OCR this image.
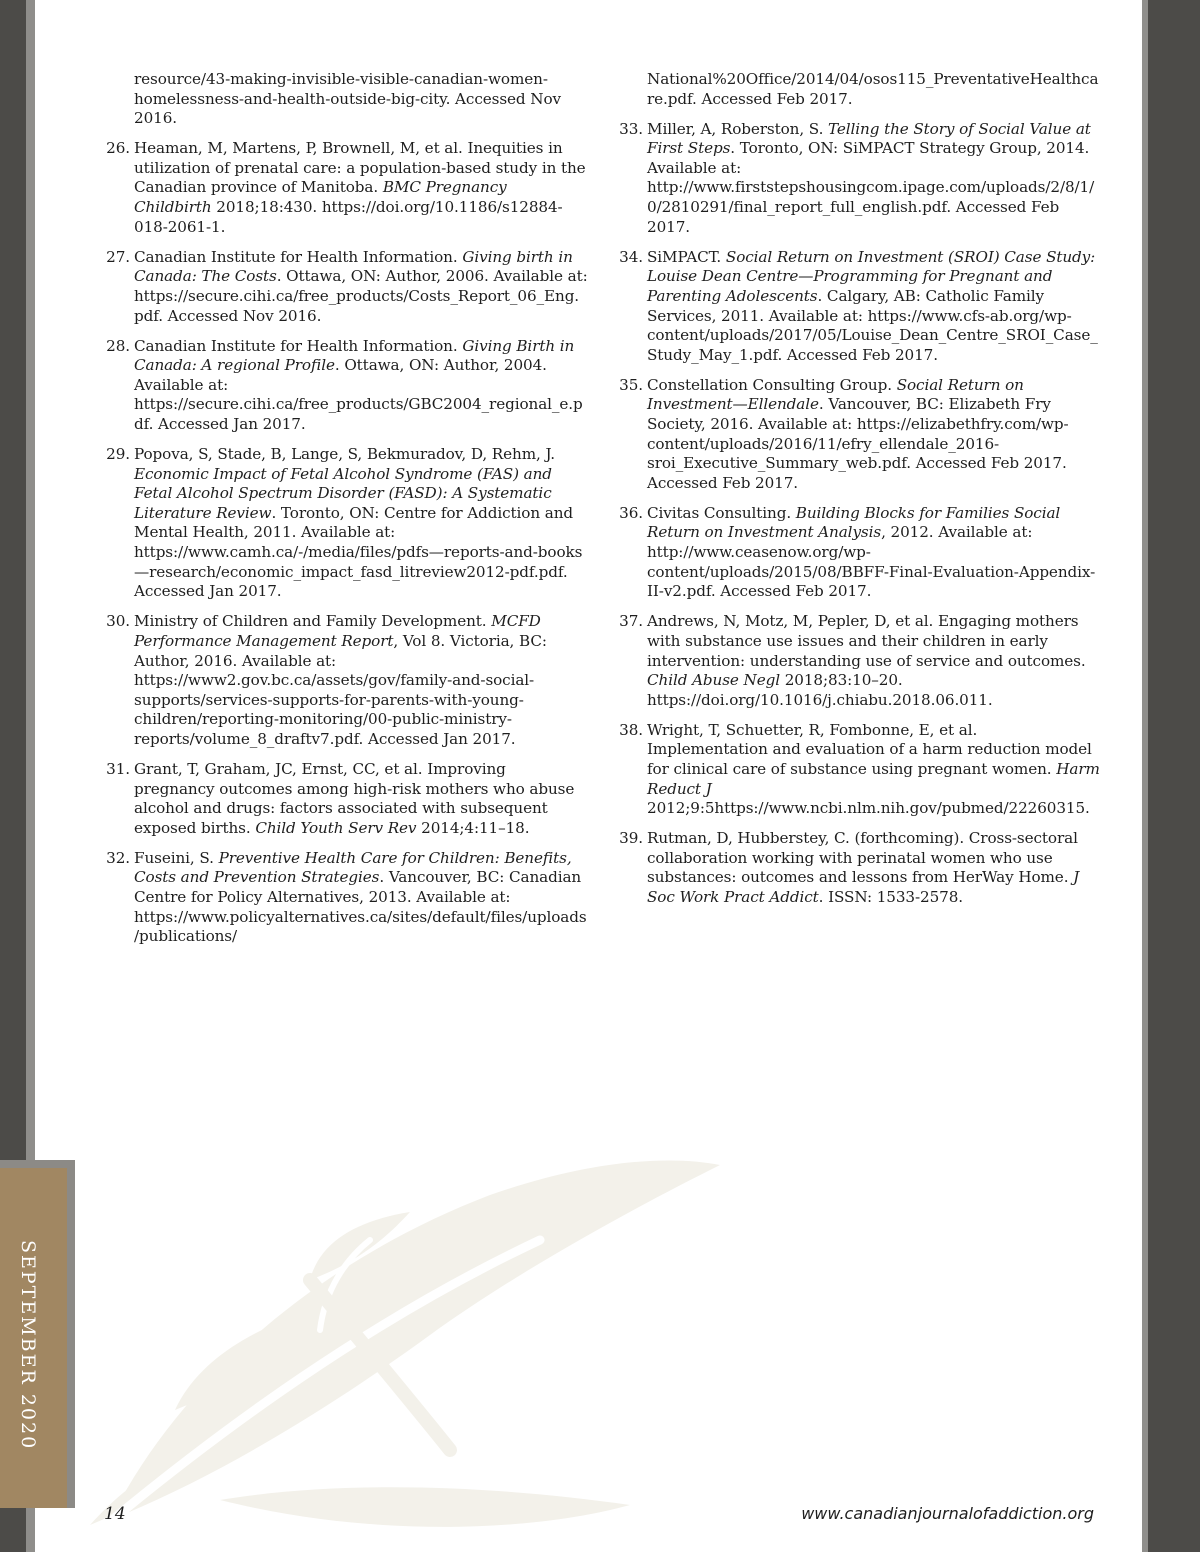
SEPTEMBER 2020
resource/43-making-invisible-visible-canadian-women-homelessness-and-health-outside-big-city. Accessed Nov 2016.
26. Heaman, M, Martens, P, Brownell, M, et al. Inequities in utilization of prenatal care: a population-based study in the Canadian province of Manitoba. BMC Pregnancy Childbirth 2018;18:430. https://doi.org/10.1186/s12884-018-2061-1.
27. Canadian Institute for Health Information. Giving birth in Canada: The Costs. Ottawa, ON: Author, 2006. Available at: https://secure.cihi.ca/free_products/Costs_Report_06_Eng.pdf. Accessed Nov 2016.
28. Canadian Institute for Health Information. Giving Birth in Canada: A regional Profile. Ottawa, ON: Author, 2004. Available at: https://secure.cihi.ca/free_products/GBC2004_regional_e.pdf. Accessed Jan 2017.
29. Popova, S, Stade, B, Lange, S, Bekmuradov, D, Rehm, J. Economic Impact of Fetal Alcohol Syndrome (FAS) and Fetal Alcohol Spectrum Disorder (FASD): A Systematic Literature Review. Toronto, ON: Centre for Addiction and Mental Health, 2011. Available at: https://www.camh.ca/-/media/files/pdfs—reports-and-books—research/economic_impact_fasd_litreview2012-pdf.pdf. Accessed Jan 2017.
30. Ministry of Children and Family Development. MCFD Performance Management Report, Vol 8. Victoria, BC: Author, 2016. Available at: https://www2.gov.bc.ca/assets/gov/family-and-social-supports/services-supports-for-parents-with-young-children/reporting-monitoring/00-public-ministry-reports/volume_8_draftv7.pdf. Accessed Jan 2017.
31. Grant, T, Graham, JC, Ernst, CC, et al. Improving pregnancy outcomes among high-risk mothers who abuse alcohol and drugs: factors associated with subsequent exposed births. Child Youth Serv Rev 2014;4:11–18.
32. Fuseini, S. Preventive Health Care for Children: Benefits, Costs and Prevention Strategies. Vancouver, BC: Canadian Centre for Policy Alternatives, 2013. Available at: https://www.policyalternatives.ca/sites/default/files/uploads/publications/
National%20Office/2014/04/osos115_PreventativeHealthcare.pdf. Accessed Feb 2017.
33. Miller, A, Roberston, S. Telling the Story of Social Value at First Steps. Toronto, ON: SiMPACT Strategy Group, 2014. Available at: http://www.firststepshousingcom.ipage.com/uploads/2/8/1/0/2810291/final_report_full_english.pdf. Accessed Feb 2017.
34. SiMPACT. Social Return on Investment (SROI) Case Study: Louise Dean Centre—Programming for Pregnant and Parenting Adolescents. Calgary, AB: Catholic Family Services, 2011. Available at: https://www.cfs-ab.org/wp-content/uploads/2017/05/Louise_Dean_Centre_SROI_Case_Study_May_1.pdf. Accessed Feb 2017.
35. Constellation Consulting Group. Social Return on Investment—Ellendale. Vancouver, BC: Elizabeth Fry Society, 2016. Available at: https://elizabethfry.com/wp-content/uploads/2016/11/efry_ellendale_2016-sroi_Executive_Summary_web.pdf. Accessed Feb 2017. Accessed Feb 2017.
36. Civitas Consulting. Building Blocks for Families Social Return on Investment Analysis, 2012. Available at: http://www.ceasenow.org/wp-content/uploads/2015/08/BBFF-Final-Evaluation-Appendix-II-v2.pdf. Accessed Feb 2017.
37. Andrews, N, Motz, M, Pepler, D, et al. Engaging mothers with substance use issues and their children in early intervention: understanding use of service and outcomes. Child Abuse Negl 2018;83:10–20. https://doi.org/10.1016/j.chiabu.2018.06.011.
38. Wright, T, Schuetter, R, Fombonne, E, et al. Implementation and evaluation of a harm reduction model for clinical care of substance using pregnant women. Harm Reduct J 2012;9:5https://www.ncbi.nlm.nih.gov/pubmed/22260315.
39. Rutman, D, Hubberstey, C. (forthcoming). Cross-sectoral collaboration working with perinatal women who use substances: outcomes and lessons from HerWay Home. J Soc Work Pract Addict. ISSN: 1533-2578.
14	www.canadianjournalofaddiction.org
